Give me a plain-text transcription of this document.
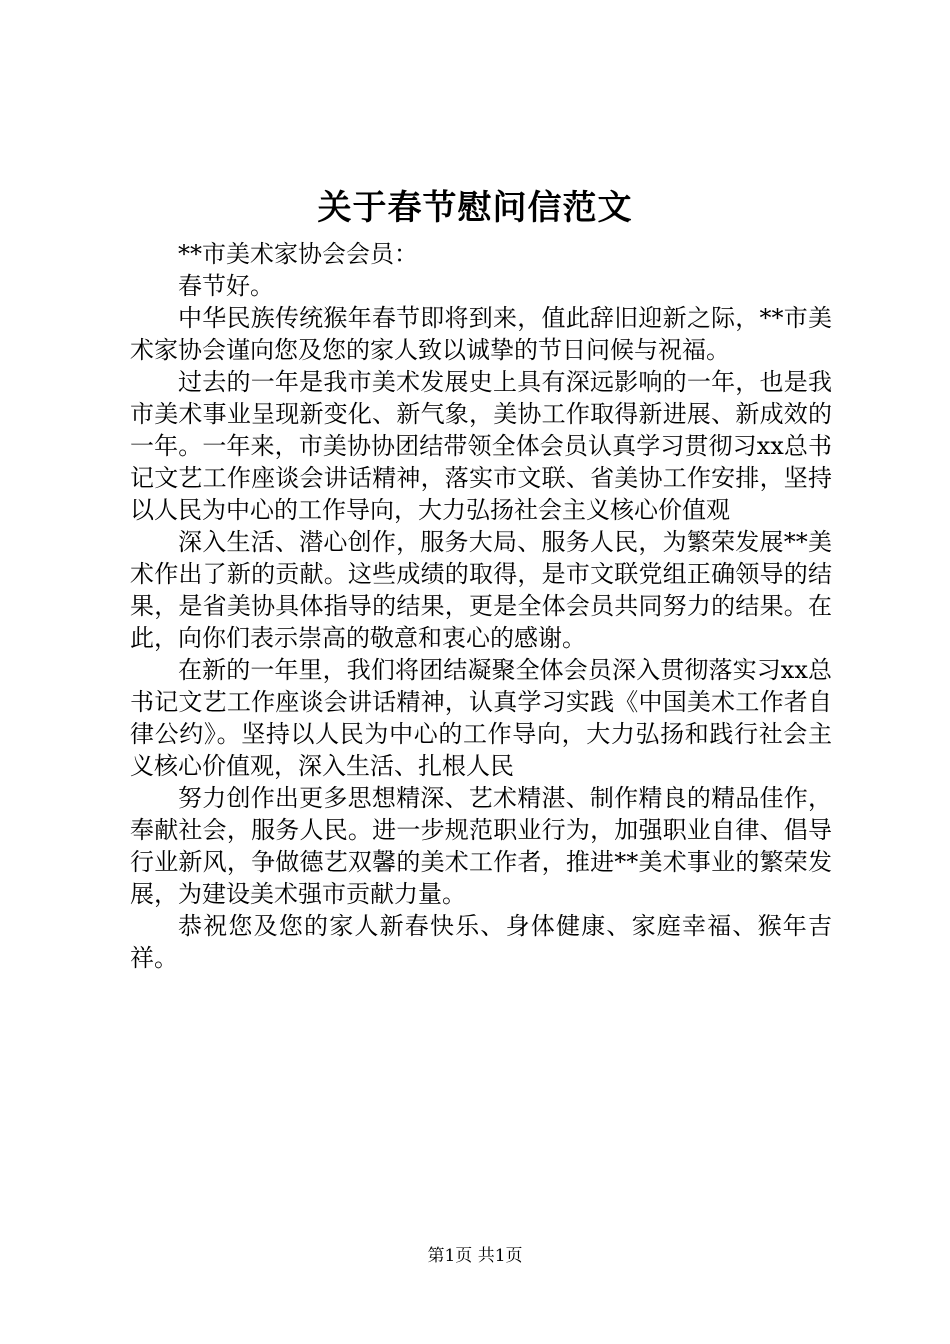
关于春节慰问信范文

**市美术家协会会员：

春节好。

中华民族传统猴年春节即将到来，值此辞旧迎新之际，**市美术家协会谨向您及您的家人致以诚挚的节日问候与祝福。

过去的一年是我市美术发展史上具有深远影响的一年，也是我市美术事业呈现新变化、新气象，美协工作取得新进展、新成效的一年。一年来，市美协协团结带领全体会员认真学习贯彻习xx总书记文艺工作座谈会讲话精神，落实市文联、省美协工作安排，坚持以人民为中心的工作导向，大力弘扬社会主义核心价值观

深入生活、潜心创作，服务大局、服务人民，为繁荣发展**美术作出了新的贡献。这些成绩的取得，是市文联党组正确领导的结果，是省美协具体指导的结果，更是全体会员共同努力的结果。在此，向你们表示崇高的敬意和衷心的感谢。

在新的一年里，我们将团结凝聚全体会员深入贯彻落实习xx总书记文艺工作座谈会讲话精神，认真学习实践《中国美术工作者自律公约》。坚持以人民为中心的工作导向，大力弘扬和践行社会主义核心价值观，深入生活、扎根人民

努力创作出更多思想精深、艺术精湛、制作精良的精品佳作，奉献社会，服务人民。进一步规范职业行为，加强职业自律、倡导行业新风，争做德艺双馨的美术工作者，推进**美术事业的繁荣发展，为建设美术强市贡献力量。

恭祝您及您的家人新春快乐、身体健康、家庭幸福、猴年吉祥。

第1页 共1页
